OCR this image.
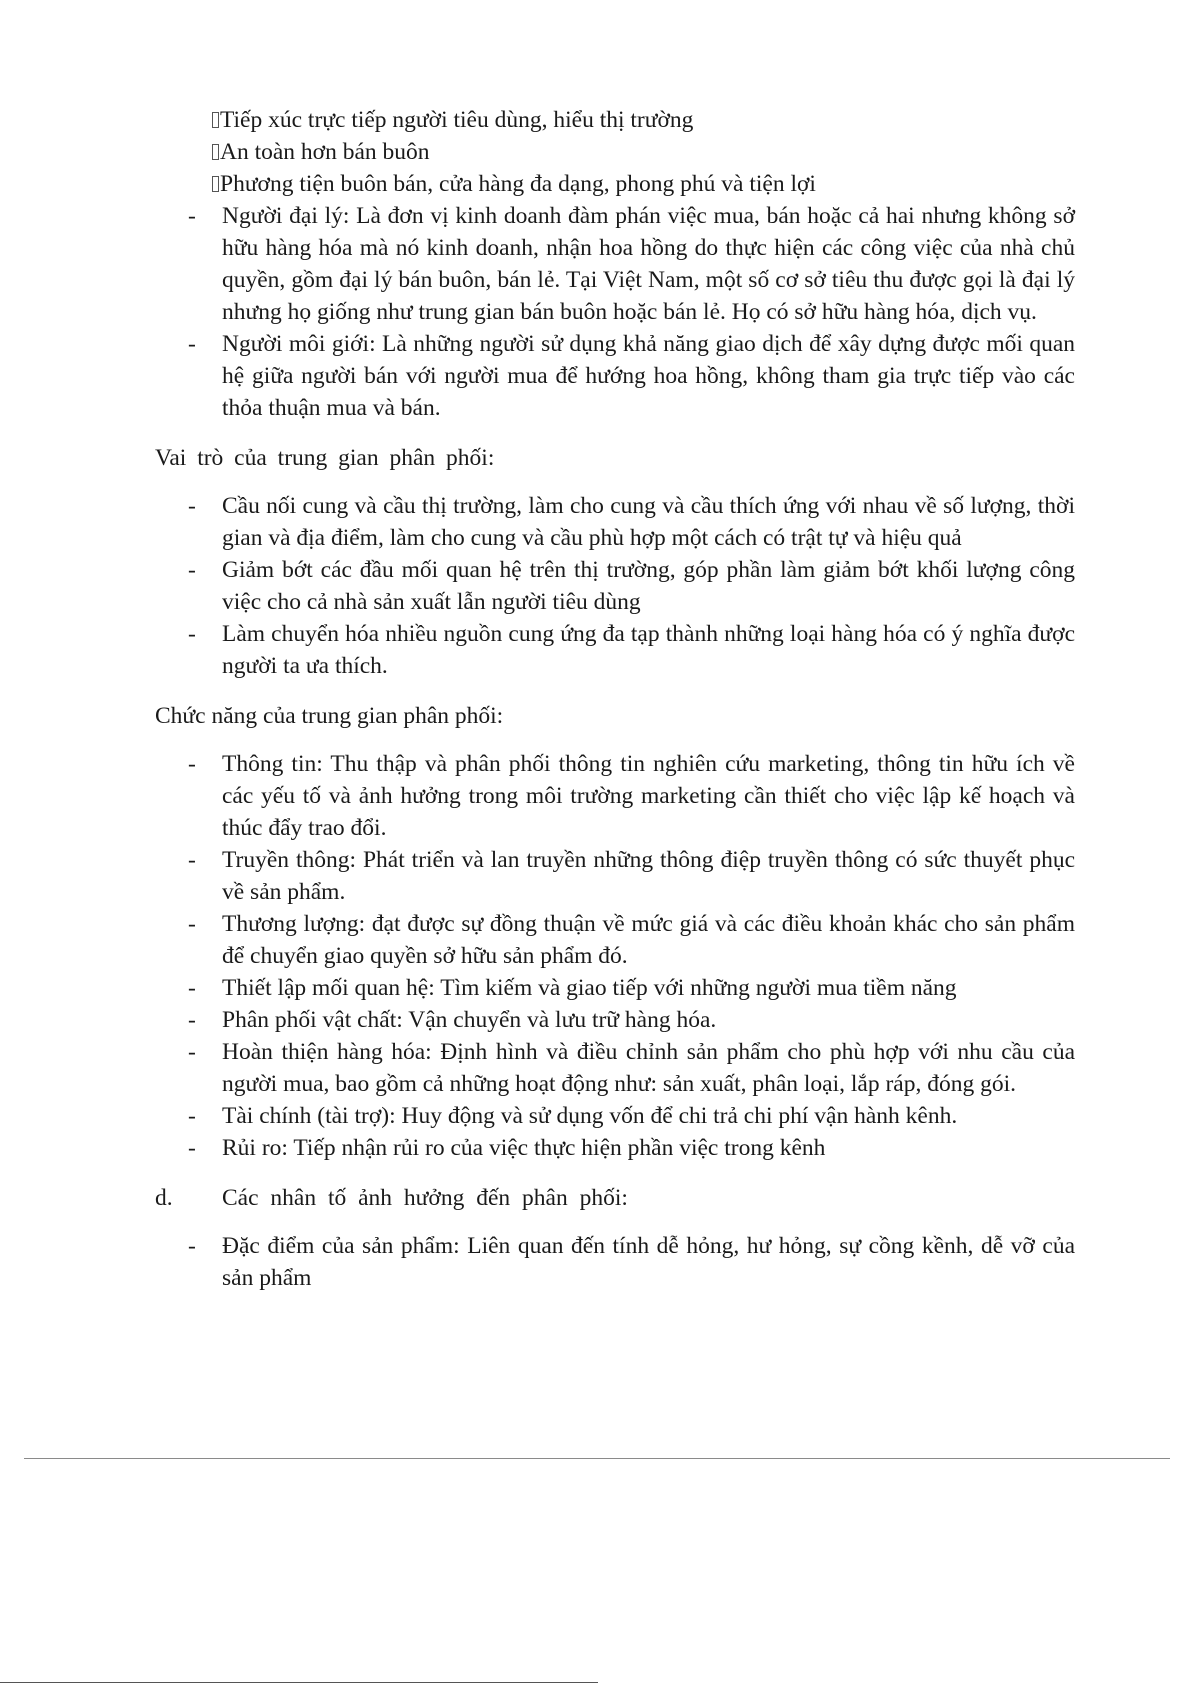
Tiếp xúc trực tiếp người tiêu dùng, hiểu thị trường
An toàn hơn bán buôn
Phương tiện buôn bán, cửa hàng đa dạng, phong phú và tiện lợi
- Người đại lý: Là đơn vị kinh doanh đàm phán việc mua, bán hoặc cả hai nhưng không sở hữu hàng hóa mà nó kinh doanh, nhận hoa hồng do thực hiện các công việc của nhà chủ quyền, gồm đại lý bán buôn, bán lẻ. Tại Việt Nam, một số cơ sở tiêu thu được gọi là đại lý nhưng họ giống như trung gian bán buôn hoặc bán lẻ. Họ có sở hữu hàng hóa, dịch vụ.
- Người môi giới: Là những người sử dụng khả năng giao dịch để xây dựng được mối quan hệ giữa người bán với người mua để hướng hoa hồng, không tham gia trực tiếp vào các thỏa thuận mua và bán.
Vai trò của trung gian phân phối:
- Cầu nối cung và cầu thị trường, làm cho cung và cầu thích ứng với nhau về số lượng, thời gian và địa điểm, làm cho cung và cầu phù hợp một cách có trật tự và hiệu quả
- Giảm bớt các đầu mối quan hệ trên thị trường, góp phần làm giảm bớt khối lượng công việc cho cả nhà sản xuất lẫn người tiêu dùng
- Làm chuyển hóa nhiều nguồn cung ứng đa tạp thành những loại hàng hóa có ý nghĩa được người ta ưa thích.
Chức năng của trung gian phân phối:
- Thông tin: Thu thập và phân phối thông tin nghiên cứu marketing, thông tin hữu ích về các yếu tố và ảnh hưởng trong môi trường marketing cần thiết cho việc lập kế hoạch và thúc đẩy trao đổi.
- Truyền thông: Phát triển và lan truyền những thông điệp truyền thông có sức thuyết phục về sản phẩm.
- Thương lượng: đạt được sự đồng thuận về mức giá và các điều khoản khác cho sản phẩm để chuyển giao quyền sở hữu sản phẩm đó.
- Thiết lập mối quan hệ: Tìm kiếm và giao tiếp với những người mua tiềm năng
- Phân phối vật chất: Vận chuyển và lưu trữ hàng hóa.
- Hoàn thiện hàng hóa: Định hình và điều chỉnh sản phẩm cho phù hợp với nhu cầu của người mua, bao gồm cả những hoạt động như: sản xuất, phân loại, lắp ráp, đóng gói.
- Tài chính (tài trợ): Huy động và sử dụng vốn để chi trả chi phí vận hành kênh.
- Rủi ro: Tiếp nhận rủi ro của việc thực hiện phần việc trong kênh
d. Các nhân tố ảnh hưởng đến phân phối:
- Đặc điểm của sản phẩm: Liên quan đến tính dễ hỏng, hư hỏng, sự cồng kềnh, dễ vỡ của sản phẩm
